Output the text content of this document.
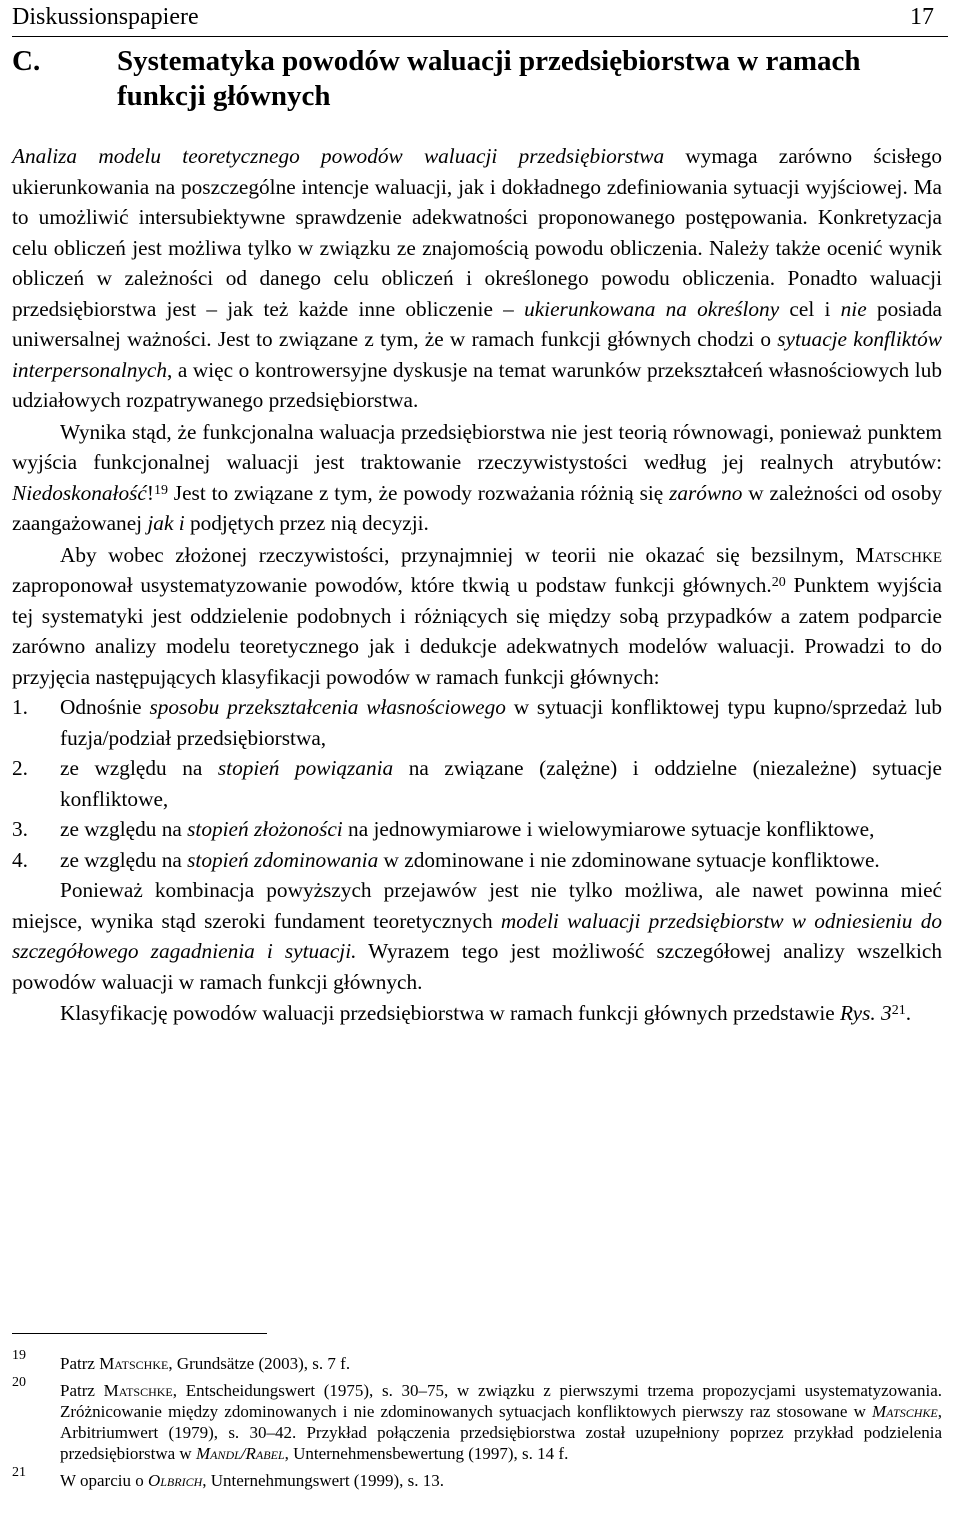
Diskussionspapiere	17
C.	Systematyka powodów waluacji przedsiębiorstwa w ramach funkcji głównych

Analiza modelu teoretycznego powodów waluacji przedsiębiorstwa wymaga zarówno ścisłego ukierunkowania na poszczególne intencje waluacji, jak i dokładnego zdefiniowania sytuacji wyjściowej. Ma to umożliwić intersubiektywne sprawdzenie adekwatności proponowanego postępowania. Konkretyzacja celu obliczeń jest możliwa tylko w związku ze znajomością powodu obliczenia. Należy także ocenić wynik obliczeń w zależności od danego celu obliczeń i określonego powodu obliczenia. Ponadto waluacji przedsiębiorstwa jest – jak też każde inne obliczenie – ukierunkowana na określony cel i nie posiada uniwersalnej ważności. Jest to związane z tym, że w ramach funkcji głównych chodzi o sytuacje konfliktów interpersonalnych, a więc o kontrowersyjne dyskusje na temat warunków przekształceń własnościowych lub udziałowych rozpatrywanego przedsiębiorstwa.

Wynika stąd, że funkcjonalna waluacja przedsiębiorstwa nie jest teorią równowagi, ponieważ punktem wyjścia funkcjonalnej waluacji jest traktowanie rzeczywistystości według jej realnych atrybutów: Niedoskonałość!$^{19}$ Jest to związane z tym, że powody rozważania różnią się zarówno w zależności od osoby zaangażowanej jak i podjętych przez nią decyzji.

Aby wobec złożonej rzeczywistości, przynajmniej w teorii nie okazać się bezsilnym, Matschke zaproponował usystematyzowanie powodów, które tkwią u podstaw funkcji głównych.$^{20}$ Punktem wyjścia tej systematyki jest oddzielenie podobnych i różniących się między sobą przypadków a zatem podparcie zarówno analizy modelu teoretycznego jak i dedukcje adekwatnych modelów waluacji. Prowadzi to do przyjęcia następujących klasyfikacji powodów w ramach funkcji głównych:

1. Odnośnie sposobu przekształcenia własnościowego w sytuacji konfliktowej typu kupno/sprzedaż lub fuzja/podział przedsiębiorstwa,
2. ze względu na stopień powiązania na związane (zalężne) i oddzielne (niezależne) sytuacje konfliktowe,
3. ze względu na stopień złożoności na jednowymiarowe i wielowymiarowe sytuacje konfliktowe,
4. ze względu na stopień zdominowania w zdominowane i nie zdominowane sytuacje konfliktowe.

Ponieważ kombinacja powyższych przejawów jest nie tylko możliwa, ale nawet powinna mieć miejsce, wynika stąd szeroki fundament teoretycznych modeli waluacji przedsiębiorstw w odniesieniu do szczegółowego zagadnienia i sytuacji. Wyrazem tego jest możliwość szczegółowej analizy wszelkich powodów waluacji w ramach funkcji głównych.

Klasyfikację powodów waluacji przedsiębiorstwa w ramach funkcji głównych przedstawie Rys. $3^{21}$.

19 Patrz Matschke, Grundsätze (2003), s. 7 f.
20 Patrz Matschke, Entscheidungswert (1975), s. 30–75, w związku z pierwszymi trzema propozycjami usystematyzowania. Zróżnicowanie między zdominowanych i nie zdominowanych sytuacjach konfliktowych pierwszy raz stosowane w Matschke, Arbitriumwert (1979), s. 30–42. Przykład połączenia przedsiębiorstwa został uzupełniony poprzez przykład podzielenia przedsiębiorstwa w Mandl/Rabel, Unternehmensbewertung (1997), s. 14 f.
21 W oparciu o Olbrich, Unternehmungswert (1999), s. 13.
